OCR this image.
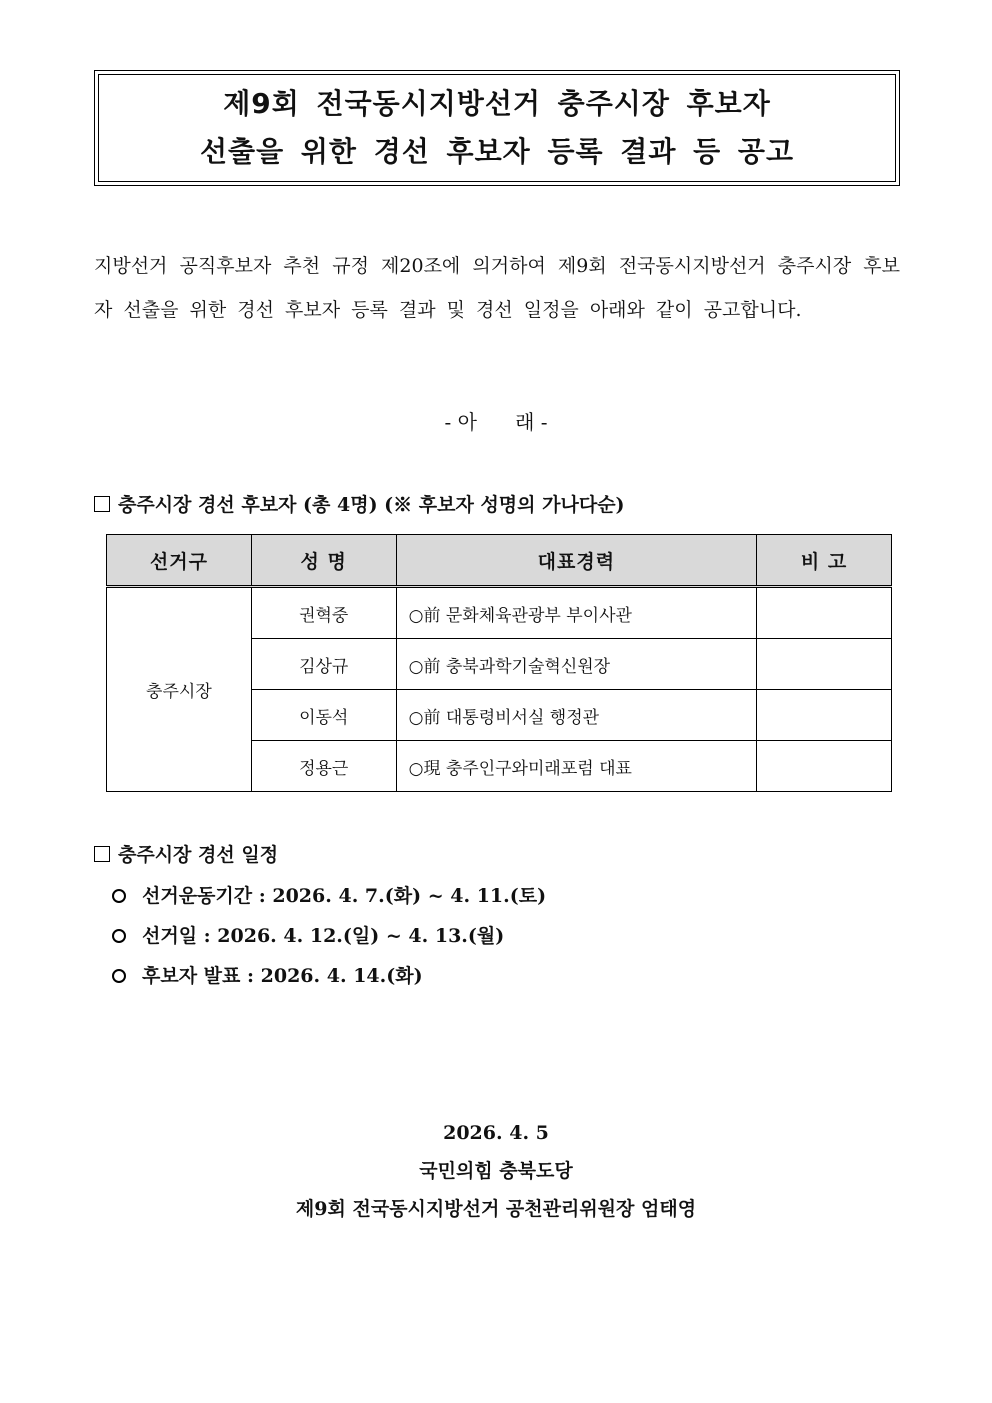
제9회 전국동시지방선거 충주시장 후보자
선출을 위한 경선 후보자 등록 결과 등 공고

지방선거 공직후보자 추천 규정 제20조에 의거하여 제9회 전국동시지방선거 충주시장 후보자 선출을 위한 경선 후보자 등록 결과 및 경선 일정을 아래와 같이 공고합니다.

- 아      래 -
충주시장 경선 후보자 (총 4명) (※ 후보자 성명의 가나다순)
선거구	성 명	대표경력	비 고
충주시장	권혁중	○前 문화체육관광부 부이사관	
	김상규	○前 충북과학기술혁신원장	
	이동석	○前 대통령비서실 행정관	
	정용근	○現 충주인구와미래포럼 대표	
충주시장 경선 일정
선거운동기간 : 2026. 4. 7.(화) ~ 4. 11.(토)
선거일 : 2026. 4. 12.(일) ~ 4. 13.(월)
후보자 발표 : 2026. 4. 14.(화)
2026. 4. 5
국민의힘 충북도당
제9회 전국동시지방선거 공천관리위원장 엄태영
